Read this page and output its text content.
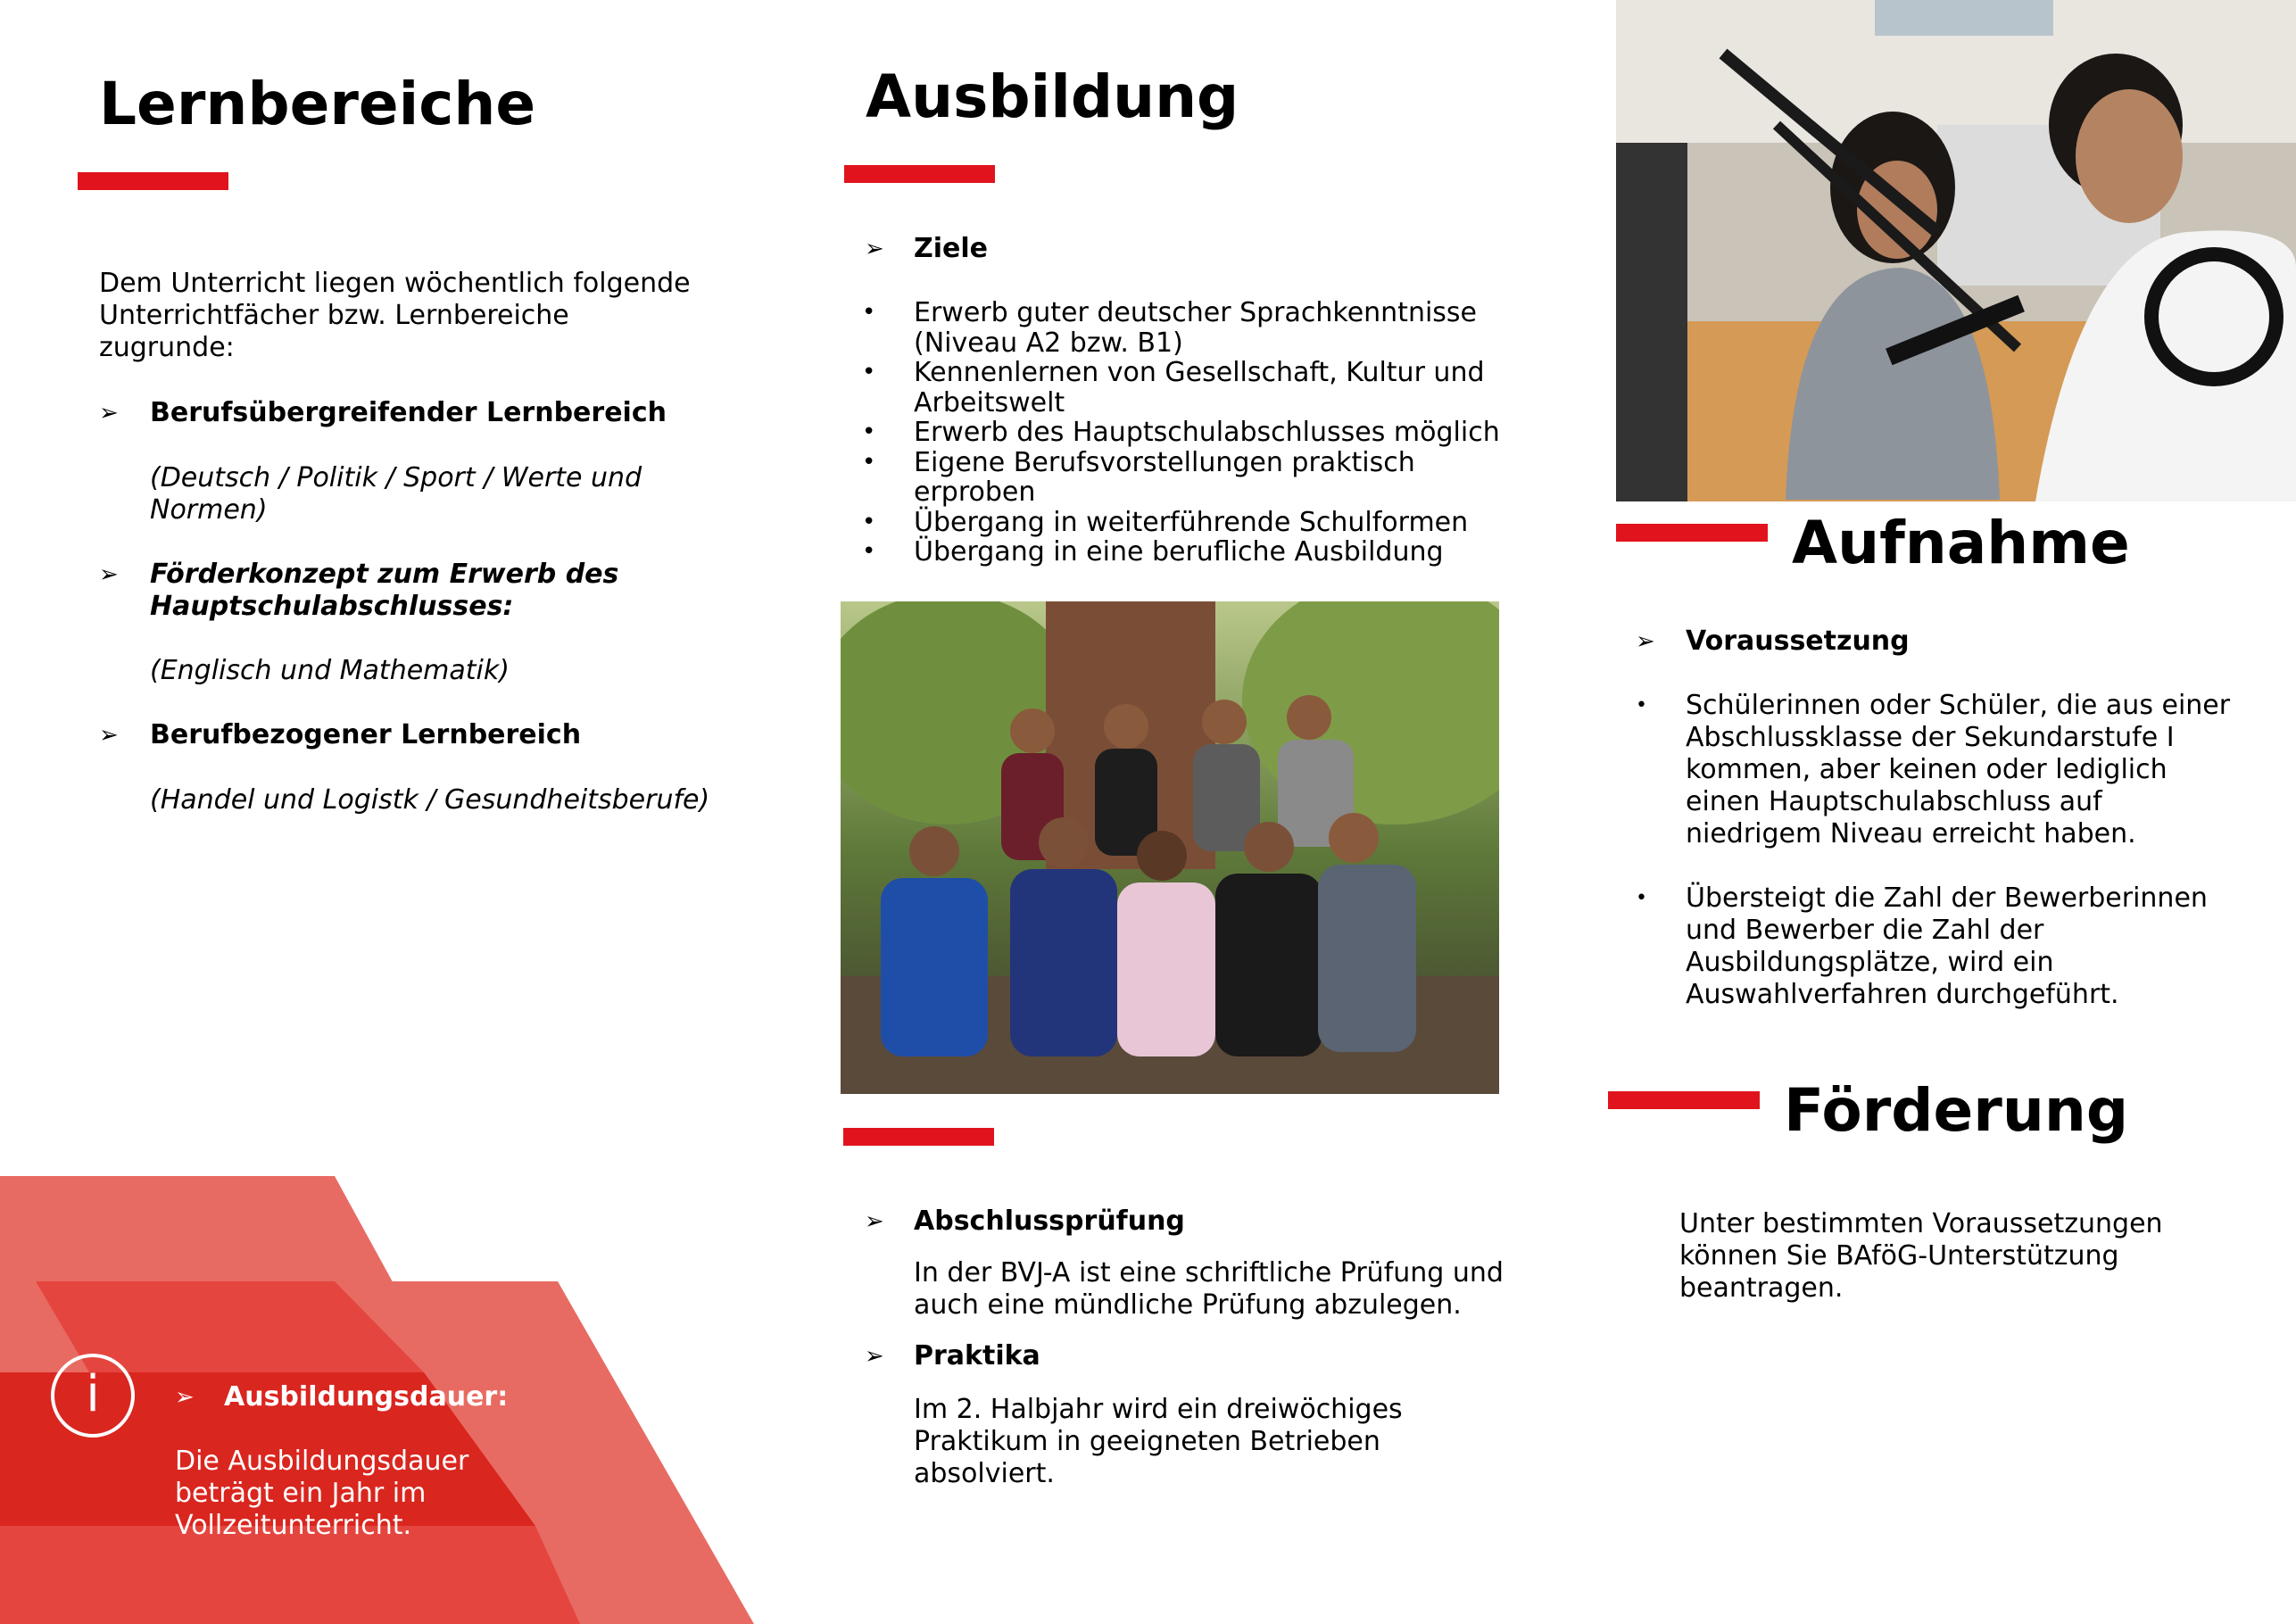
Lernbereiche
Dem Unterricht liegen wöchentlich folgende Unterrichtfächer bzw. Lernbereiche zugrunde:
➢ Berufsübergreifender Lernbereich
(Deutsch / Politik / Sport / Werte und Normen)
➢ Förderkonzept zum Erwerb des Hauptschulabschlusses:
(Englisch und Mathematik)
➢ Berufbezogener Lernbereich
(Handel und Logistk / Gesundheitsberufe)
i	➢ Ausbildungsdauer:
Die Ausbildungsdauer beträgt ein Jahr im Vollzeitunterricht.
Ausbildung
➢ Ziele
• Erwerb guter deutscher Sprachkenntnisse (Niveau A2 bzw. B1)
• Kennenlernen von Gesellschaft, Kultur und Arbeitswelt
• Erwerb des Hauptschulabschlusses möglich
• Eigene Berufsvorstellungen praktisch erproben
• Übergang in weiterführende Schulformen
• Übergang in eine berufliche Ausbildung
➢ Abschlussprüfung
In der BVJ-A ist eine schriftliche Prüfung und auch eine mündliche Prüfung abzulegen.
➢ Praktika
Im 2. Halbjahr wird ein dreiwöchiges Praktikum in geeigneten Betrieben absolviert.
Aufnahme
➢ Voraussetzung
• Schülerinnen oder Schüler, die aus einer Abschlussklasse der Sekundarstufe I kommen, aber keinen oder lediglich einen Hauptschulabschluss auf niedrigem Niveau erreicht haben.
• Übersteigt die Zahl der Bewerberinnen und Bewerber die Zahl der Ausbildungsplätze, wird ein Auswahlverfahren durchgeführt.
Förderung
Unter bestimmten Voraussetzungen können Sie BAföG-Unterstützung beantragen.
